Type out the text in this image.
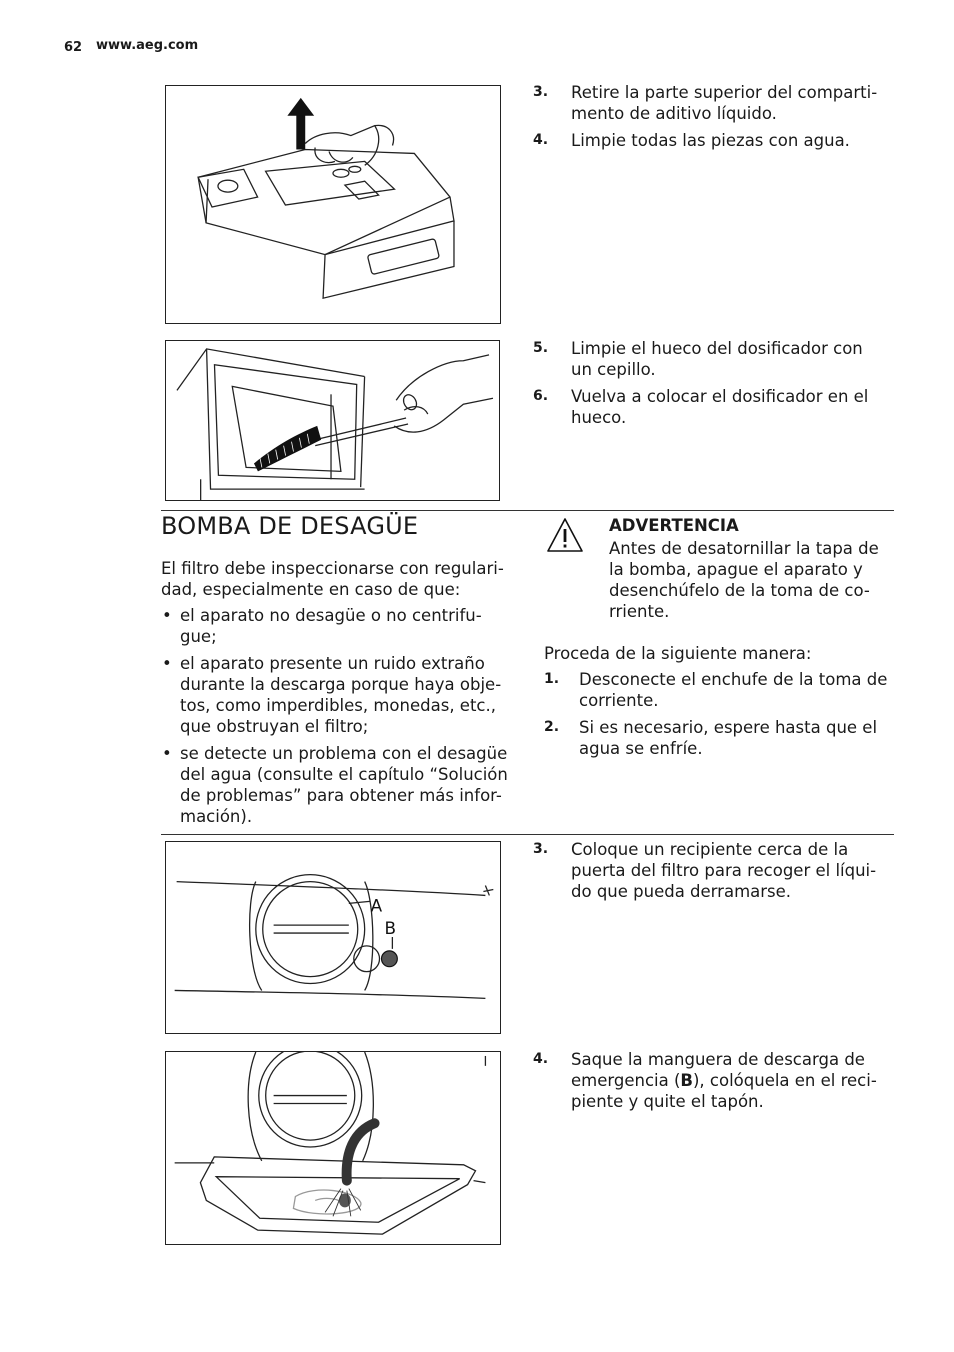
62 www.aeg.com
3. Retire la parte superior del comparti-mento de aditivo líquido.
4. Limpie todas las piezas con agua.
5. Limpie el hueco del dosificador con un cepillo.
6. Vuelva a colocar el dosificador en el hueco.
BOMBA DE DESAGÜE
El filtro debe inspeccionarse con regulari-dad, especialmente en caso de que:
• el aparato no desagüe o no centrifu-gue;
• el aparato presente un ruido extraño durante la descarga porque haya obje-tos, como imperdibles, monedas, etc., que obstruyan el filtro;
• se detecte un problema con el desagüe del agua (consulte el capítulo “Solución de problemas” para obtener más infor-mación).
ADVERTENCIA
Antes de desatornillar la tapa de la bomba, apague el aparato y desenchúfelo de la toma de co-rriente.
Proceda de la siguiente manera:
1. Desconecte el enchufe de la toma de corriente.
2. Si es necesario, espere hasta que el agua se enfríe.
A
B
3. Coloque un recipiente cerca de la puerta del filtro para recoger el líqui-do que pueda derramarse.
4. Saque la manguera de descarga de emergencia (B), colóquela en el reci-piente y quite el tapón.
